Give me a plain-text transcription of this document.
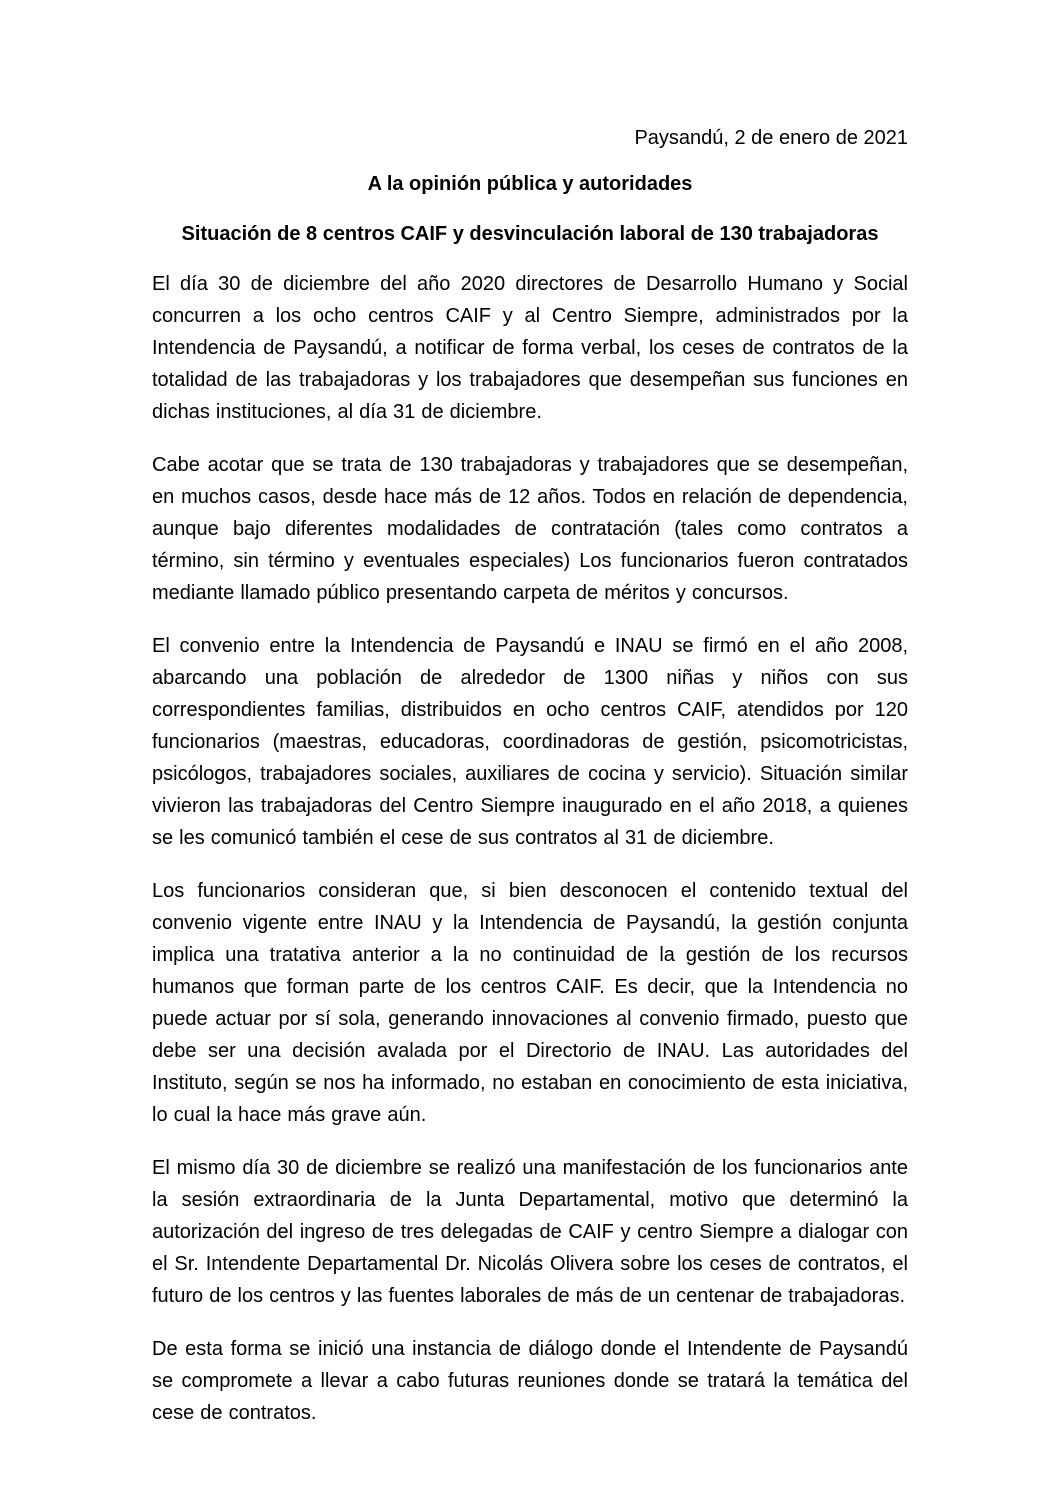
Paysandú, 2 de enero de 2021

A la opinión pública y autoridades

Situación de 8 centros CAIF y desvinculación laboral de 130 trabajadoras

El día 30 de diciembre del año 2020 directores de Desarrollo Humano y Social concurren a los ocho centros CAIF y al Centro Siempre, administrados por la Intendencia de Paysandú, a notificar de forma verbal, los ceses de contratos de la totalidad de las trabajadoras y los trabajadores que desempeñan sus funciones en dichas instituciones, al día 31 de diciembre.

Cabe acotar que se trata de 130 trabajadoras y trabajadores que se desempeñan, en muchos casos, desde hace más de 12 años. Todos en relación de dependencia, aunque bajo diferentes modalidades de contratación (tales como contratos a término, sin término y eventuales especiales) Los funcionarios fueron contratados mediante llamado público presentando carpeta de méritos y concursos.

El convenio entre la Intendencia de Paysandú e INAU se firmó en el año 2008, abarcando una población de alrededor de 1300 niñas y niños con sus correspondientes familias, distribuidos en ocho centros CAIF, atendidos por 120 funcionarios (maestras, educadoras, coordinadoras de gestión, psicomotricistas, psicólogos, trabajadores sociales, auxiliares de cocina y servicio). Situación similar vivieron las trabajadoras del Centro Siempre inaugurado en el año 2018, a quienes se les comunicó también el cese de sus contratos al 31 de diciembre.

Los funcionarios consideran que, si bien desconocen el contenido textual del convenio vigente entre INAU y la Intendencia de Paysandú, la gestión conjunta implica una tratativa anterior a la no continuidad de la gestión de los recursos humanos que forman parte de los centros CAIF. Es decir, que la Intendencia no puede actuar por sí sola, generando innovaciones al convenio firmado, puesto que debe ser una decisión avalada por el Directorio de INAU. Las autoridades del Instituto, según se nos ha informado, no estaban en conocimiento de esta iniciativa, lo cual la hace más grave aún.

El mismo día 30 de diciembre se realizó una manifestación de los funcionarios ante la sesión extraordinaria de la Junta Departamental, motivo que determinó la autorización del ingreso de tres delegadas de CAIF y centro Siempre a dialogar con el Sr. Intendente Departamental Dr. Nicolás Olivera sobre los ceses de contratos, el futuro de los centros y las fuentes laborales de más de un centenar de trabajadoras.

De esta forma se inició una instancia de diálogo donde el Intendente de Paysandú se compromete a llevar a cabo futuras reuniones donde se tratará la temática del cese de contratos.
